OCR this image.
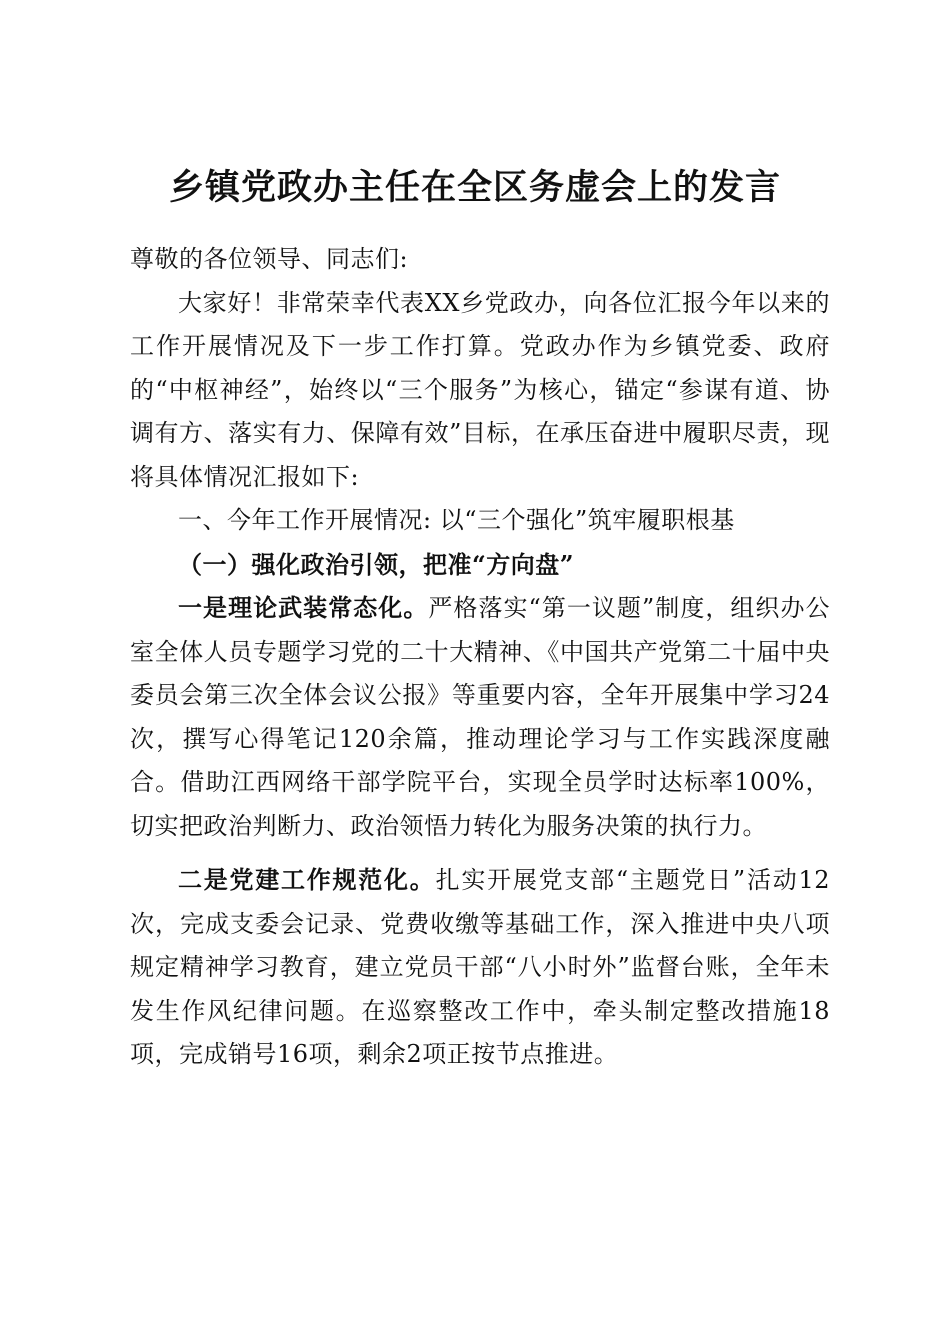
乡镇党政办主任在全区务虚会上的发言

尊敬的各位领导、同志们:

大家好！非常荣幸代表XX乡党政办，向各位汇报今年以来的工作开展情况及下一步工作打算。党政办作为乡镇党委、政府的“中枢神经”，始终以“三个服务”为核心，锚定“参谋有道、协调有方、落实有力、保障有效”目标，在承压奋进中履职尽责，现将具体情况汇报如下:

一、今年工作开展情况: 以“三个强化”筑牢履职根基

（一）强化政治引领，把准“方向盘”

一是理论武装常态化。严格落实“第一议题”制度，组织办公室全体人员专题学习党的二十大精神、《中国共产党第二十届中央委员会第三次全体会议公报》等重要内容，全年开展集中学习24次，撰写心得笔记120余篇，推动理论学习与工作实践深度融合。借助江西网络干部学院平台，实现全员学时达标率100%，切实把政治判断力、政治领悟力转化为服务决策的执行力。

二是党建工作规范化。扎实开展党支部“主题党日”活动12次，完成支委会记录、党费收缴等基础工作，深入推进中央八项规定精神学习教育，建立党员干部“八小时外”监督台账，全年未发生作风纪律问题。在巡察整改工作中，牵头制定整改措施18项，完成销号16项，剩余2项正按节点推进。
